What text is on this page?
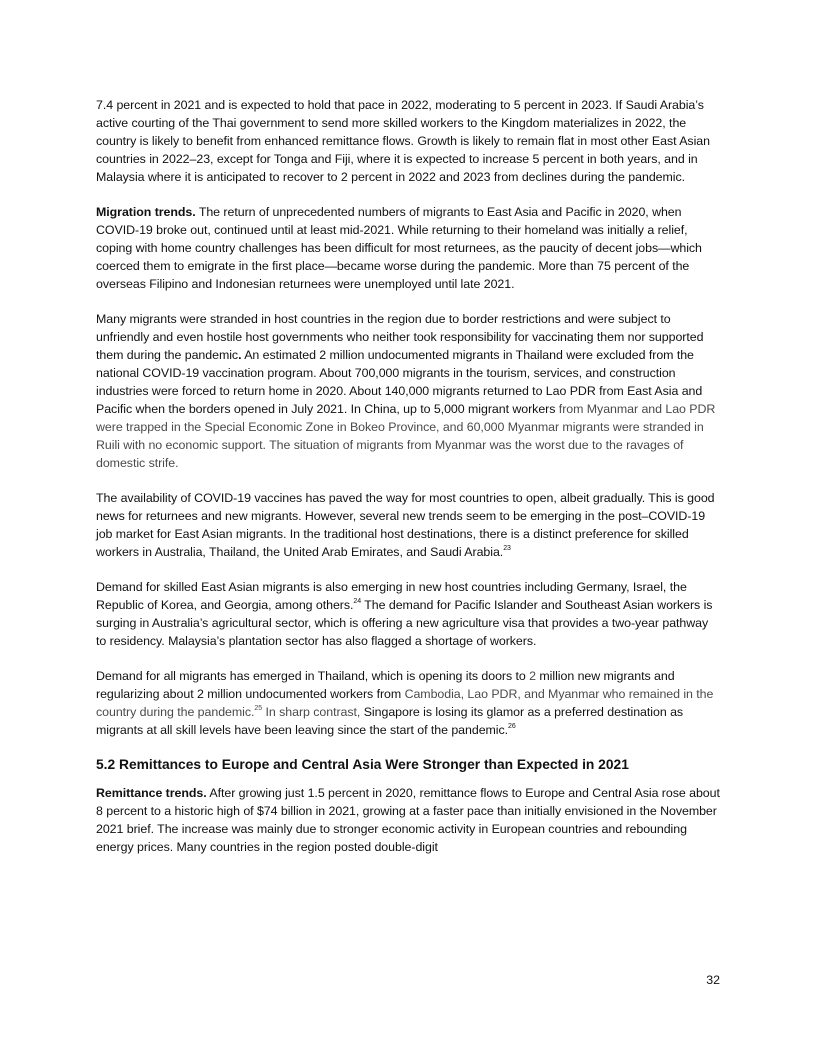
7.4 percent in 2021 and is expected to hold that pace in 2022, moderating to 5 percent in 2023. If Saudi Arabia’s active courting of the Thai government to send more skilled workers to the Kingdom materializes in 2022, the country is likely to benefit from enhanced remittance flows. Growth is likely to remain flat in most other East Asian countries in 2022–23, except for Tonga and Fiji, where it is expected to increase 5 percent in both years, and in Malaysia where it is anticipated to recover to 2 percent in 2022 and 2023 from declines during the pandemic.

Migration trends. The return of unprecedented numbers of migrants to East Asia and Pacific in 2020, when COVID-19 broke out, continued until at least mid-2021. While returning to their homeland was initially a relief, coping with home country challenges has been difficult for most returnees, as the paucity of decent jobs—which coerced them to emigrate in the first place—became worse during the pandemic. More than 75 percent of the overseas Filipino and Indonesian returnees were unemployed until late 2021.

Many migrants were stranded in host countries in the region due to border restrictions and were subject to unfriendly and even hostile host governments who neither took responsibility for vaccinating them nor supported them during the pandemic. An estimated 2 million undocumented migrants in Thailand were excluded from the national COVID-19 vaccination program. About 700,000 migrants in the tourism, services, and construction industries were forced to return home in 2020. About 140,000 migrants returned to Lao PDR from East Asia and Pacific when the borders opened in July 2021. In China, up to 5,000 migrant workers from Myanmar and Lao PDR were trapped in the Special Economic Zone in Bokeo Province, and 60,000 Myanmar migrants were stranded in Ruili with no economic support. The situation of migrants from Myanmar was the worst due to the ravages of domestic strife.

The availability of COVID-19 vaccines has paved the way for most countries to open, albeit gradually. This is good news for returnees and new migrants. However, several new trends seem to be emerging in the post–COVID-19 job market for East Asian migrants. In the traditional host destinations, there is a distinct preference for skilled workers in Australia, Thailand, the United Arab Emirates, and Saudi Arabia.$^{23}$

Demand for skilled East Asian migrants is also emerging in new host countries including Germany, Israel, the Republic of Korea, and Georgia, among others.$^{24}$ The demand for Pacific Islander and Southeast Asian workers is surging in Australia’s agricultural sector, which is offering a new agriculture visa that provides a two-year pathway to residency. Malaysia’s plantation sector has also flagged a shortage of workers.

Demand for all migrants has emerged in Thailand, which is opening its doors to 2 million new migrants and regularizing about 2 million undocumented workers from Cambodia, Lao PDR, and Myanmar who remained in the country during the pandemic.$^{25}$ In sharp contrast, Singapore is losing its glamor as a preferred destination as migrants at all skill levels have been leaving since the start of the pandemic.$^{26}$

5.2 Remittances to Europe and Central Asia Were Stronger than Expected in 2021

Remittance trends. After growing just 1.5 percent in 2020, remittance flows to Europe and Central Asia rose about 8 percent to a historic high of $74 billion in 2021, growing at a faster pace than initially envisioned in the November 2021 brief. The increase was mainly due to stronger economic activity in European countries and rebounding energy prices. Many countries in the region posted double-digit

32
